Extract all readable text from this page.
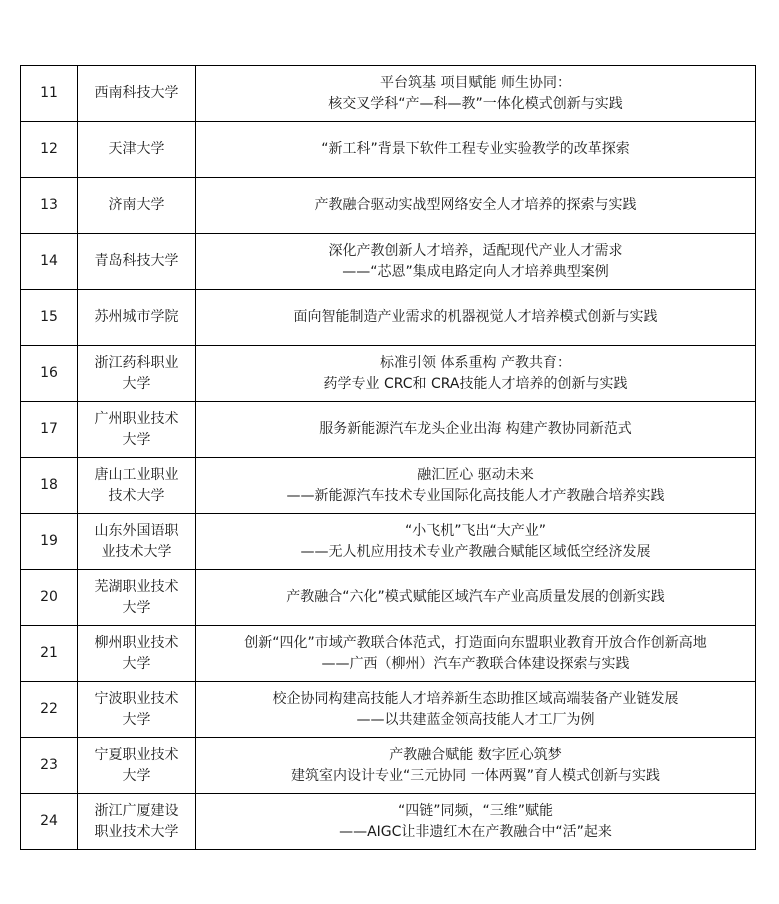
11	西南科技大学	平台筑基 项目赋能 师生协同：
核交叉学科“产—科—教”一体化模式创新与实践

12	天津大学	“新工科”背景下软件工程专业实验教学的改革探索

13	济南大学	产教融合驱动实战型网络安全人才培养的探索与实践

14	青岛科技大学	深化产教创新人才培养，适配现代产业人才需求
——“芯恩”集成电路定向人才培养典型案例

15	苏州城市学院	面向智能制造产业需求的机器视觉人才培养模式创新与实践

16	浙江药科职业
大学	标准引领 体系重构 产教共育：
药学专业 CRC和 CRA技能人才培养的创新与实践

17	广州职业技术
大学	服务新能源汽车龙头企业出海 构建产教协同新范式

18	唐山工业职业
技术大学	融汇匠心 驱动未来
——新能源汽车技术专业国际化高技能人才产教融合培养实践

19	山东外国语职
业技术大学	“小飞机”飞出“大产业”
——无人机应用技术专业产教融合赋能区域低空经济发展

20	芜湖职业技术
大学	产教融合“六化”模式赋能区域汽车产业高质量发展的创新实践

21	柳州职业技术
大学	创新“四化”市域产教联合体范式，打造面向东盟职业教育开放合作创新高地
——广西（柳州）汽车产教联合体建设探索与实践

22	宁波职业技术
大学	校企协同构建高技能人才培养新生态助推区域高端装备产业链发展
——以共建蓝金领高技能人才工厂为例

23	宁夏职业技术
大学	产教融合赋能 数字匠心筑梦
建筑室内设计专业“三元协同 一体两翼”育人模式创新与实践

24	浙江广厦建设
职业技术大学	“四链”同频，“三维”赋能
——AIGC让非遗红木在产教融合中“活”起来
